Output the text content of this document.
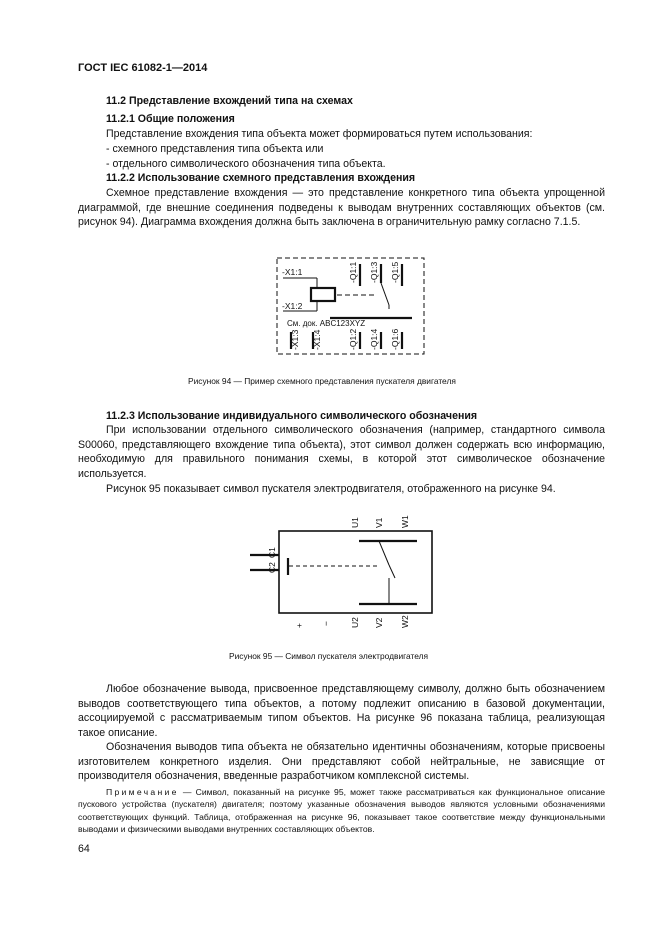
ГОСТ IEC 61082-1—2014
11.2 Представление вхождений типа на схемах
11.2.1 Общие положения
Представление вхождения типа объекта может формироваться путем использования:
- схемного представления типа объекта или
- отдельного символического обозначения типа объекта.
11.2.2 Использование схемного представления вхождения
Схемное представление вхождения — это представление конкретного типа объекта упрощенной диаграммой, где внешние соединения подведены к выводам внутренних составляющих объектов (см. рисунок 94). Диаграмма вхождения должна быть заключена в ограничительную рамку согласно 7.1.5.
-X1:1
-X1:2
См. док. ABC123XYZ
-Q1:1 -Q1:3 -Q1:5
-X1:3 -X1:4	-Q1:2 -Q1:4 -Q1:6
C1
C2
U1 V1 W1
+ − U2 V2 W2
Рисунок 94 — Пример схемного представления пускателя двигателя
11.2.3 Использование индивидуального символического обозначения
При использовании отдельного символического обозначения (например, стандартного символа S00060, представляющего вхождение типа объекта), этот символ должен содержать всю информацию, необходимую для правильного понимания схемы, в которой этот символическое обозначение используется.
Рисунок 95 показывает символ пускателя электродвигателя, отображенного на рисунке 94.
Рисунок 95 — Символ пускателя электродвигателя
Любое обозначение вывода, присвоенное представляющему символу, должно быть обозначением выводов соответствующего типа объектов, а потому подлежит описанию в базовой документации, ассоциируемой с рассматриваемым типом объектов. На рисунке 96 показана таблица, реализующая такое описание.
Обозначения выводов типа объекта не обязательно идентичны обозначениям, которые присвоены изготовителем конкретного изделия. Они представляют собой нейтральные, не зависящие от производителя обозначения, введенные разработчиком комплексной системы.
Примечание — Символ, показанный на рисунке 95, может также рассматриваться как функциональное описание пускового устройства (пускателя) двигателя; поэтому указанные обозначения выводов являются условными обозначениями соответствующих функций. Таблица, отображенная на рисунке 96, показывает такое соответствие между функциональными выводами и физическими выводами внутренних составляющих объектов.
64
